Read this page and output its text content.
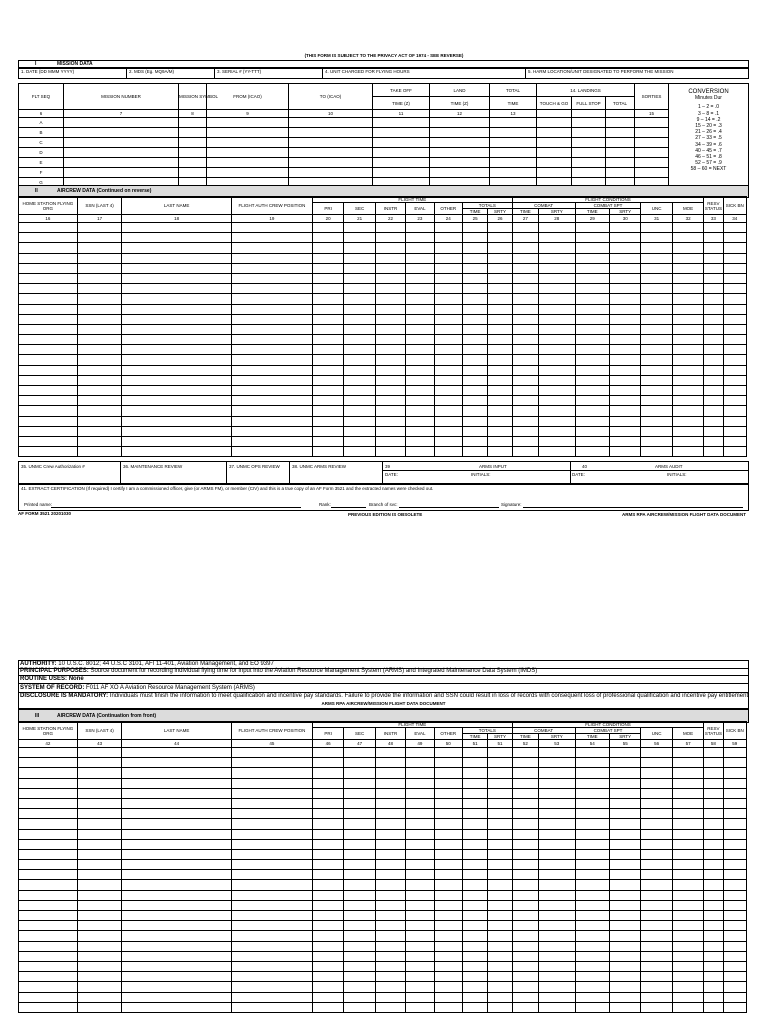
(THIS FORM IS SUBJECT TO THE PRIVACY ACT OF 1974 - SEE REVERSE)
I	MISSION DATA
1. DATE (DD MMM YYYY)	2. MDS (Eg. MQ9A/M)	3. SERIAL # (YY-TTT)	4. UNIT CHARGED FOR FLYING HOURS	5. HARM LOCATION/UNIT DESIGNATED TO PERFORM THE MISSION
FLT SEQ	MISSION NUMBER	MISSION SYMBOL	FROM (ICAO)	TO (ICAO)	TAKE OFF	LAND	TOTAL	14. LANDINGS			SORTIES
					TIME (Z)	TIME (Z)	TIME	TOUCH & GO	FULL STOP	TOTAL	
6	7	8	9	10	11	12	13				15
A											
B											
C											
D											
E											
F											
G											

CONVERSION
Minutes Dur
1 – 2 = .0
3 – 8 = .1
9 – 14 = .2
15 – 20 = .3
21 – 26 = .4
27 – 33 = .5
34 – 39 = .6
40 – 45 = .7
46 – 51 = .8
52 – 57 = .9
58 – 60 = NEXT
II	AIRCREW DATA (Continued on reverse)
HOME STATION FLYING ORG	SSN (LAST 4)	LAST NAME	FLIGHT AUTH CREW POSITION	FLIGHT TIME							FLIGHT CONDITIONS						RESV STATUS	SICK BN
				PRI	SEC	INSTR	EVAL	OTHER	TOTALS		COMBAT		COMBAT SPT		UNC	MOE		
									TIME	SRTY	TIME	SRTY	TIME	SRTY				
16	17	18	19	20	21	22	23	24	25	26	27	28	29	30	31	32	33	34

35. UNMC Crew Authorization #	36. MAINTENANCE REVIEW	37. UNMC OPS REVIEW	38. UNMC ARMS REVIEW	39	ARMS INPUT
DATE:	INITIALS:
40	ARMS AUDIT
DATE:	INITIALS:
41. EXTRACT CERTIFICATION (If required) I certify I am a commissioned officer, give (or ARMS FM), or member (CIV) and this is a true copy of an AF Form 3521 and the extracted names were checked out.
Printed name:	Rank:	Branch of svc:	Signature:
AF FORM 3521 20201030	PREVIOUS EDITION IS OBSOLETE	ARMS RPA AIRCREW/MISSION FLIGHT DATA DOCUMENT
AUTHORITY: 10 U.S.C. 8012; 44 U.S.C 3101, AFI 11-401, Aviation Management, and EO 9397
PRINCIPAL PURPOSES: Source document for recording individual flying time for input into the Aviation Resource Management System (ARMS) and Integrated Maintenance Data System (IMDS)
ROUTINE USES: None
SYSTEM OF RECORD: F011 AF XO A Aviation Resource Management System (ARMS)
DISCLOSURE IS MANDATORY: Individuals must finish the information to meet qualification and incentive pay standards. Failure to provide the information and SSN could result in loss of records with consequent loss of professional qualification and incentive pay entitlement
ARMS RPA AIRCREW/MISSION FLIGHT DATA DOCUMENT
III	AIRCREW DATA (Continuation from front)
HOME STATION FLYING ORG	SSN (LAST 4)	LAST NAME	FLIGHT AUTH CREW POSITION	FLIGHT TIME							FLIGHT CONDITIONS						RESV STATUS	SICK BN
				PRI	SEC	INSTR	EVAL	OTHER	TOTALS		COMBAT		COMBAT SPT		UNC	MOE		
									TIME	SRTY	TIME	SRTY	TIME	SRTY				
42	43	44	45	46	47	48	49	50	51	51	52	53	54	55	56	57	58	59
